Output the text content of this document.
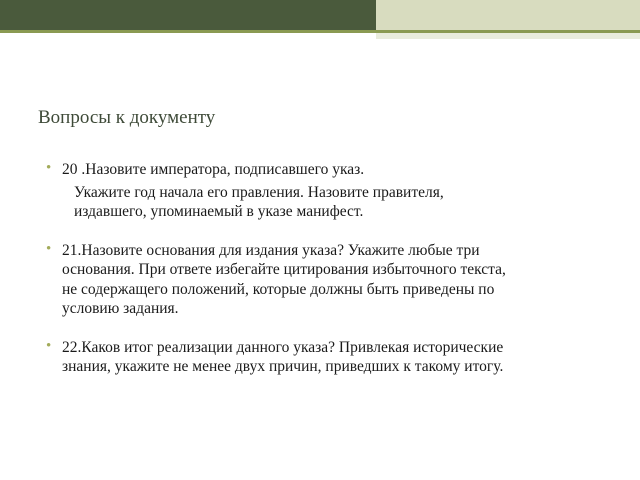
Вопросы к документу
• 20 .Назовите императора, подписавшего указ.
Укажите год начала его правления. Назовите правителя,
издавшего, упоминаемый в указе манифест.
• 21.Назовите основания для издания указа? Укажите любые три
основания. При ответе избегайте цитирования избыточного текста,
не содержащего положений, которые должны быть приведены по
условию задания.
• 22.Каков итог реализации данного указа? Привлекая исторические
знания, укажите не менее двух причин, приведших к такому итогу.
